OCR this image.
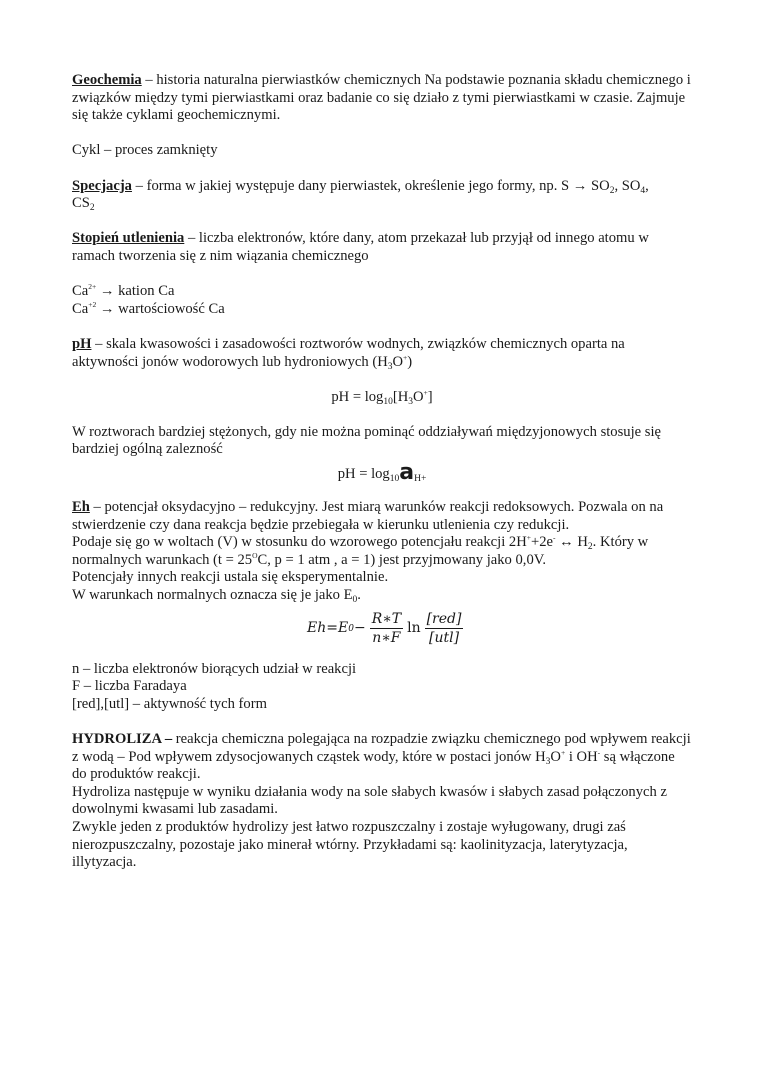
Geochemia – historia naturalna pierwiastków chemicznych Na podstawie poznania składu chemicznego i związków między tymi pierwiastkami oraz badanie co się działo z tymi pierwiastkami w czasie. Zajmuje się także cyklami geochemicznymi.

Cykl – proces zamknięty

Specjacja – forma w jakiej występuje dany pierwiastek, określenie jego formy, np. $S \to SO_2$, $SO_4$,
$CS_2$

Stopień utlenienia – liczba elektronów, które dany, atom przekazał lub przyjął od innego atomu w ramach tworzenia się z nim wiązania chemicznego

$Ca^{2+}$ → kation Ca

$Ca^{+2}$ → wartościowość Ca

pH – skala kwasowości i zasadowości roztworów wodnych, związków chemicznych oparta na aktywności jonów wodorowych lub hydroniowych $(H_3O^+)$

pH = $\log_{10}[H_3O^+]$

W roztworach bardziej stężonych, gdy nie można pominąć oddziaływań międzyjonowych stosuje się bardziej ogólną zalezność

pH = $\log_{10}a_{H+}$

Eh – potencjał oksydacyjno – redukcyjny. Jest miarą warunków reakcji redoksowych. Pozwala on na stwierdzenie czy dana reakcja będzie przebiegała w kierunku utlenienia czy redukcji.

Podaje się go w woltach (V) w stosunku do wzorowego potencjału reakcji 2H++2e- ↔ $H_2$. Który w normalnych warunkach ($t = 25^OC$, p = 1 atm , a = 1) jest przyjmowany jako 0,0V.

Potencjały innych reakcji ustala się eksperymentalnie.

W warunkach normalnych oznacza się je jako $E_0$.

Eh = E $0 - \frac{R∗T}{n∗F}$ $\ln \frac{\text{[red]}}{\text{[utl]}}$

n – liczba elektronów biorących udział w reakcji

F – liczba Faradaya

[red],[utl] – aktywność tych form

HYDROLIZA – reakcja chemiczna polegająca na rozpadzie związku chemicznego pod wpływem reakcji z wodą – Pod wpływem zdysocjowanych cząstek wody, które w postaci jonów $H_3O^+$ i OH- są włączone do produktów reakcji.

Hydroliza następuje w wyniku działania wody na sole słabych kwasów i słabych zasad połączonych z dowolnymi kwasami lub zasadami.

Zwykle jeden z produktów hydrolizy jest łatwo rozpuszczalny i zostaje wyługowany, drugi zaś nierozpuszczalny, pozostaje jako minerał wtórny. Przykładami są: kaolinityzacja, laterytyzacja, illytyzacja.
